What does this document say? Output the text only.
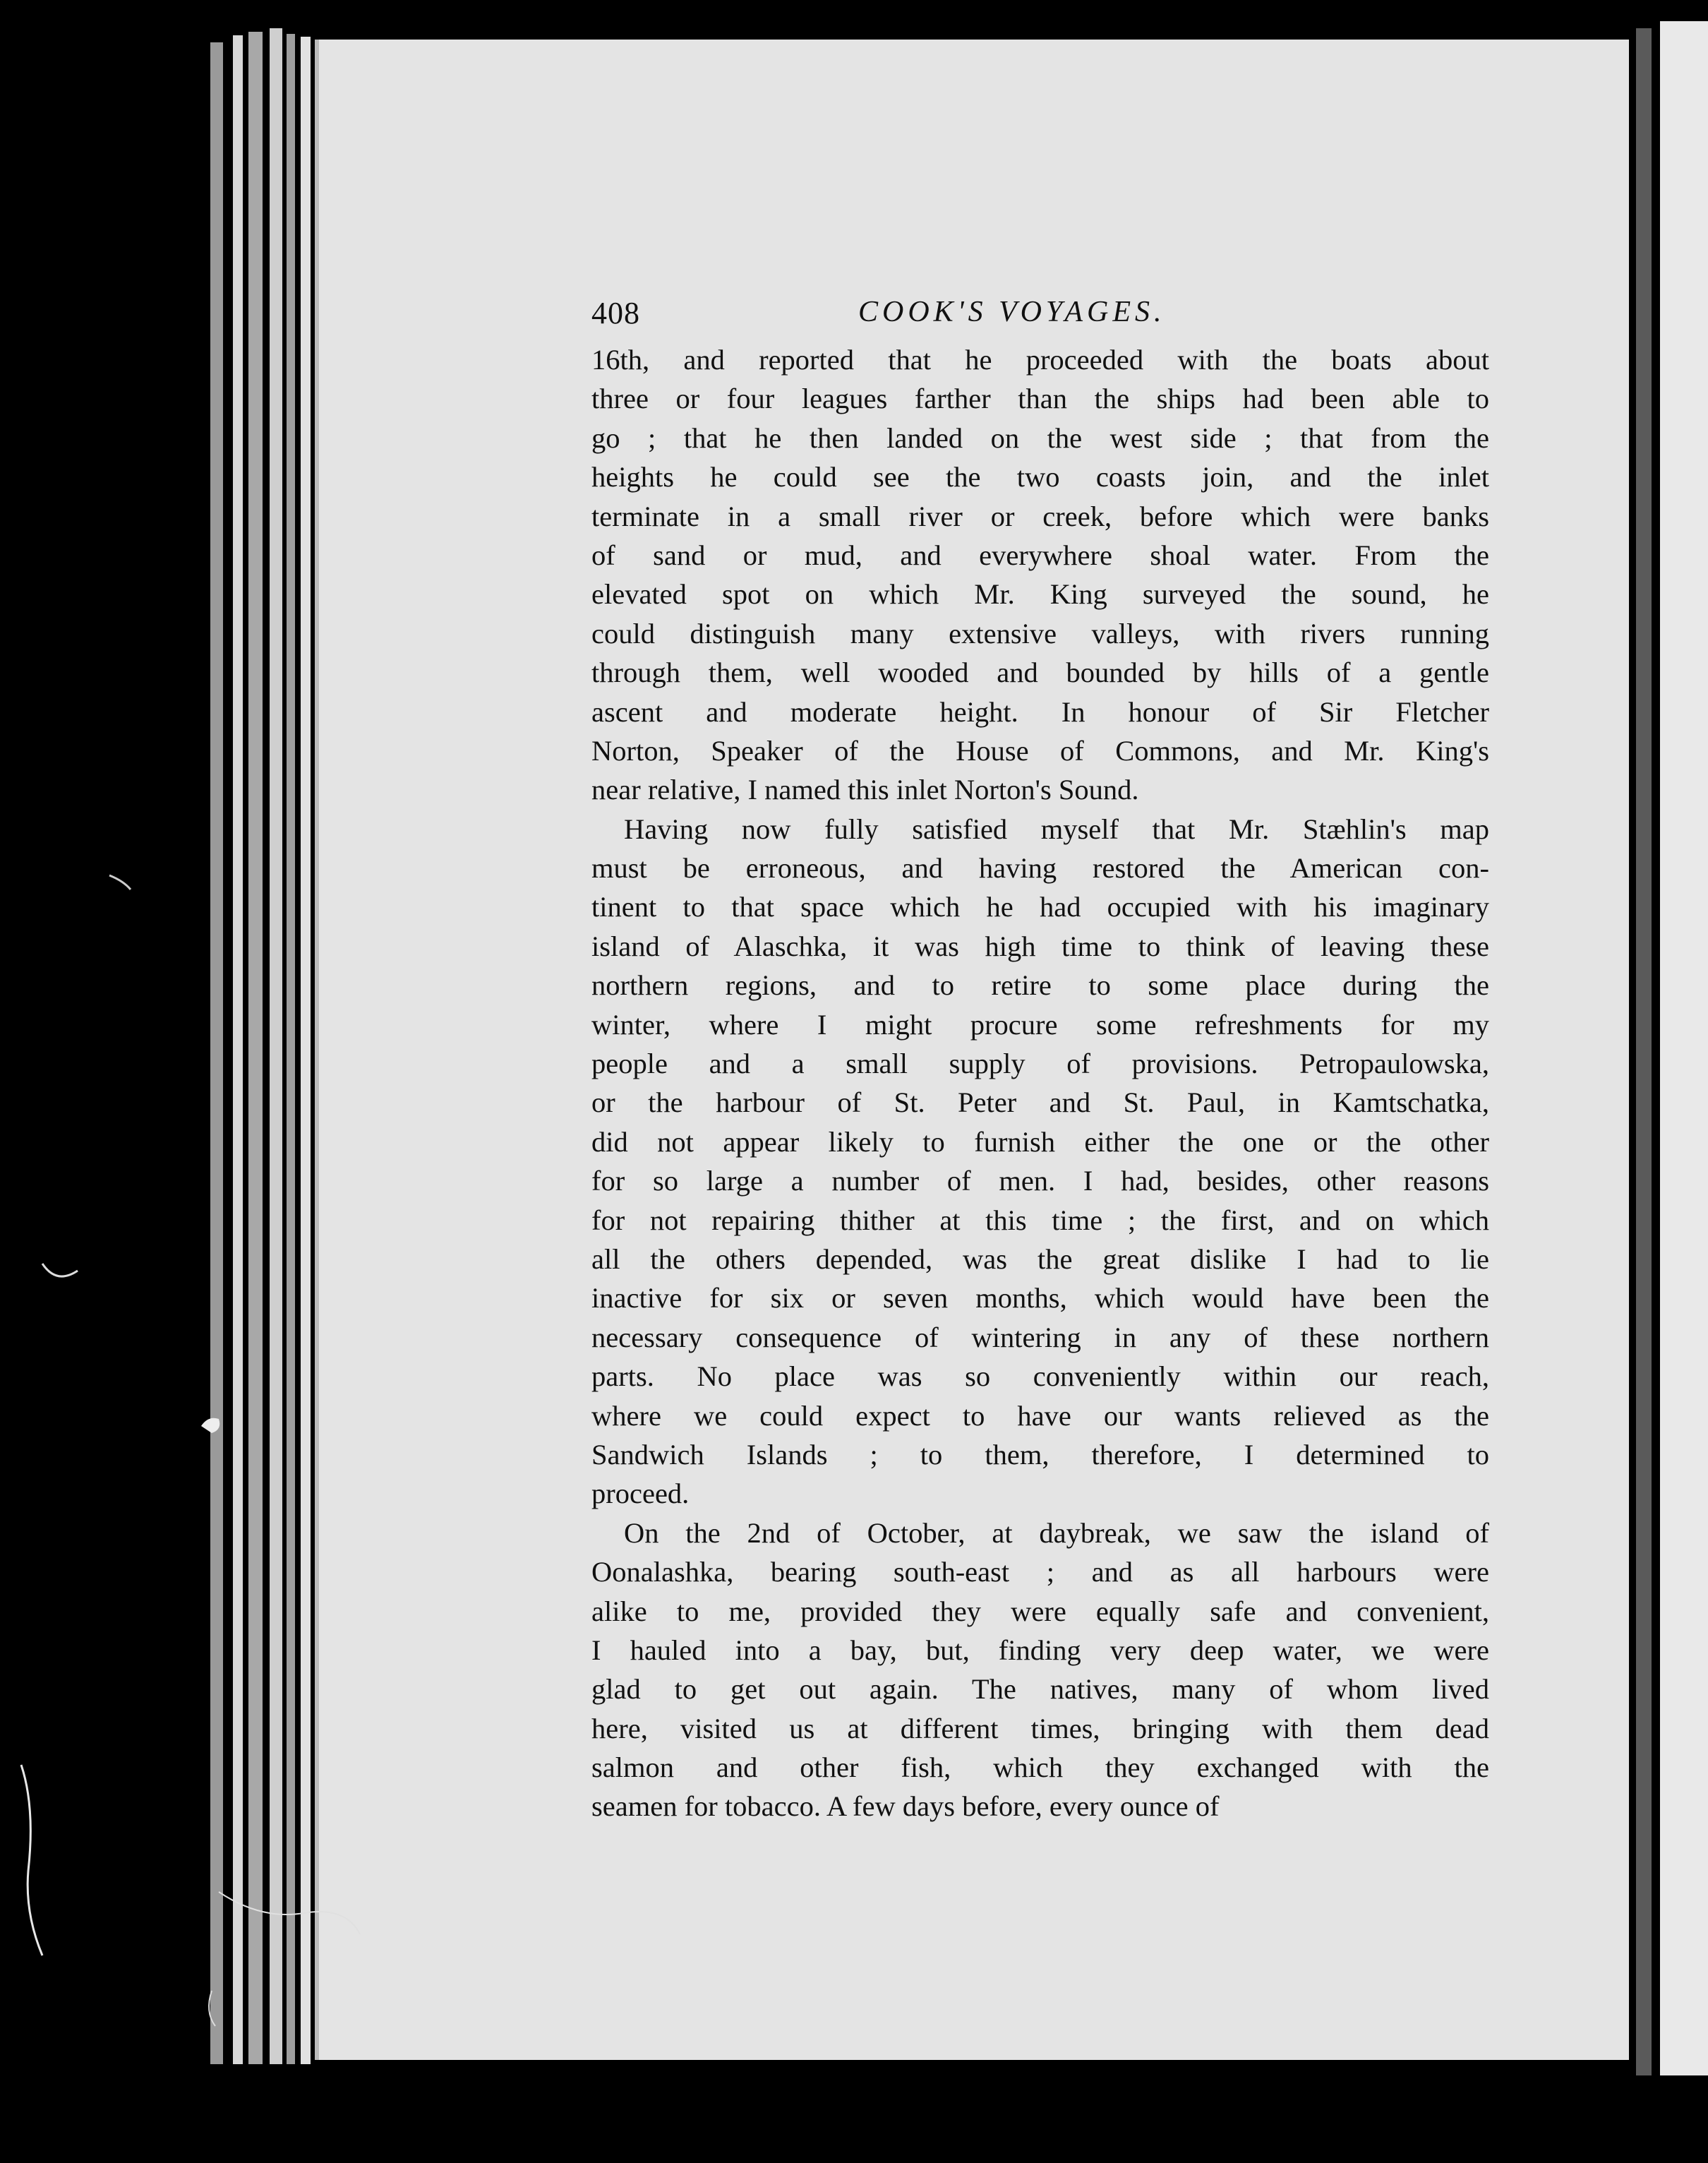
408	COOK'S VOYAGES.
16th, and reported that he proceeded with the boats about
three or four leagues farther than the ships had been able to
go ; that he then landed on the west side ; that from the
heights he could see the two coasts join, and the inlet
terminate in a small river or creek, before which were banks
of sand or mud, and everywhere shoal water. From the
elevated spot on which Mr. King surveyed the sound, he
could distinguish many extensive valleys, with rivers running
through them, well wooded and bounded by hills of a gentle
ascent and moderate height. In honour of Sir Fletcher
Norton, Speaker of the House of Commons, and Mr. King's
near relative, I named this inlet Norton's Sound.
Having now fully satisfied myself that Mr. Stæhlin's map
must be erroneous, and having restored the American con-
tinent to that space which he had occupied with his imaginary
island of Alaschka, it was high time to think of leaving these
northern regions, and to retire to some place during the
winter, where I might procure some refreshments for my
people and a small supply of provisions. Petropaulowska,
or the harbour of St. Peter and St. Paul, in Kamtschatka,
did not appear likely to furnish either the one or the other
for so large a number of men. I had, besides, other reasons
for not repairing thither at this time ; the first, and on which
all the others depended, was the great dislike I had to lie
inactive for six or seven months, which would have been the
necessary consequence of wintering in any of these northern
parts. No place was so conveniently within our reach,
where we could expect to have our wants relieved as the
Sandwich Islands ; to them, therefore, I determined to
proceed.
On the 2nd of October, at daybreak, we saw the island of
Oonalashka, bearing south-east ; and as all harbours were
alike to me, provided they were equally safe and convenient,
I hauled into a bay, but, finding very deep water, we were
glad to get out again. The natives, many of whom lived
here, visited us at different times, bringing with them dead
salmon and other fish, which they exchanged with the
seamen for tobacco. A few days before, every ounce of
